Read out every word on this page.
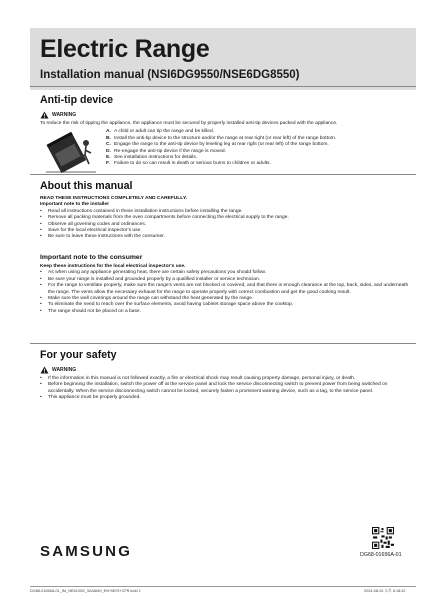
Electric Range
Installation manual (NSI6DG9550/NSE6DG8550)
Anti-tip device
WARNING
To reduce the risk of tipping the appliance, the appliance must be secured by properly installed anti-tip devices packed with the appliance.
A. A child or adult can tip the range and be killed.
B. Install the anti-tip device to the structure and/or the range at rear right (or rear left) of the range bottom.
C. Engage the range to the anti-tip device by leveling leg at rear right (or rear left) of the range bottom.
D. Re-engage the anti-tip device if the range is moved.
E. See installation instructions for details.
F. Failure to do so can result in death or serious burns to children or adults.
About this manual
READ THESE INSTRUCTIONS COMPLETELY AND CAREFULLY.
Important note to the installer
• Read all instructions contained in these installation instructions before installing the range.
• Remove all packing materials from the oven compartments before connecting the electrical supply to the range.
• Observe all governing codes and ordinances.
• Save for the local electrical inspector's use.
• Be sure to leave these instructions with the consumer.
Important note to the consumer
Keep these instructions for the local electrical inspector's use.
• As when using any appliance generating heat, there are certain safety precautions you should follow.
• Be sure your range is installed and grounded properly by a qualified installer or service technician.
• For the range to ventilate properly, make sure the range's vents are not blocked or covered, and that there is enough clearance at the top, back, sides, and underneath the range. The vents allow the necessary exhaust for the range to operate properly with correct combustion and get the good cooking result.
• Make sure the wall coverings around the range can withstand the heat generated by the range.
• To eliminate the need to reach over the surface elements, avoid having cabinet storage space above the cooktop.
• The range should not be placed on a base.
For your safety
WARNING
• If the information in this manual is not followed exactly, a fire or electrical shock may result causing property damage, personal injury, or death.
• Before beginning the installation, switch the power off at the service panel and lock the service disconnecting switch to prevent power from being switched on accidentally. When the service disconnecting switch cannot be locked, securely fasten a prominent warning device, such as a tag, to the service panel.
• This appliance must be properly grounded.
SAMSUNG	DG68-01656A-01
DG68-01656A-01_IM_NE6100G_9A3AM0_EN+MES+CFR.indd 1	2024-08-24 오후 6:18:32
